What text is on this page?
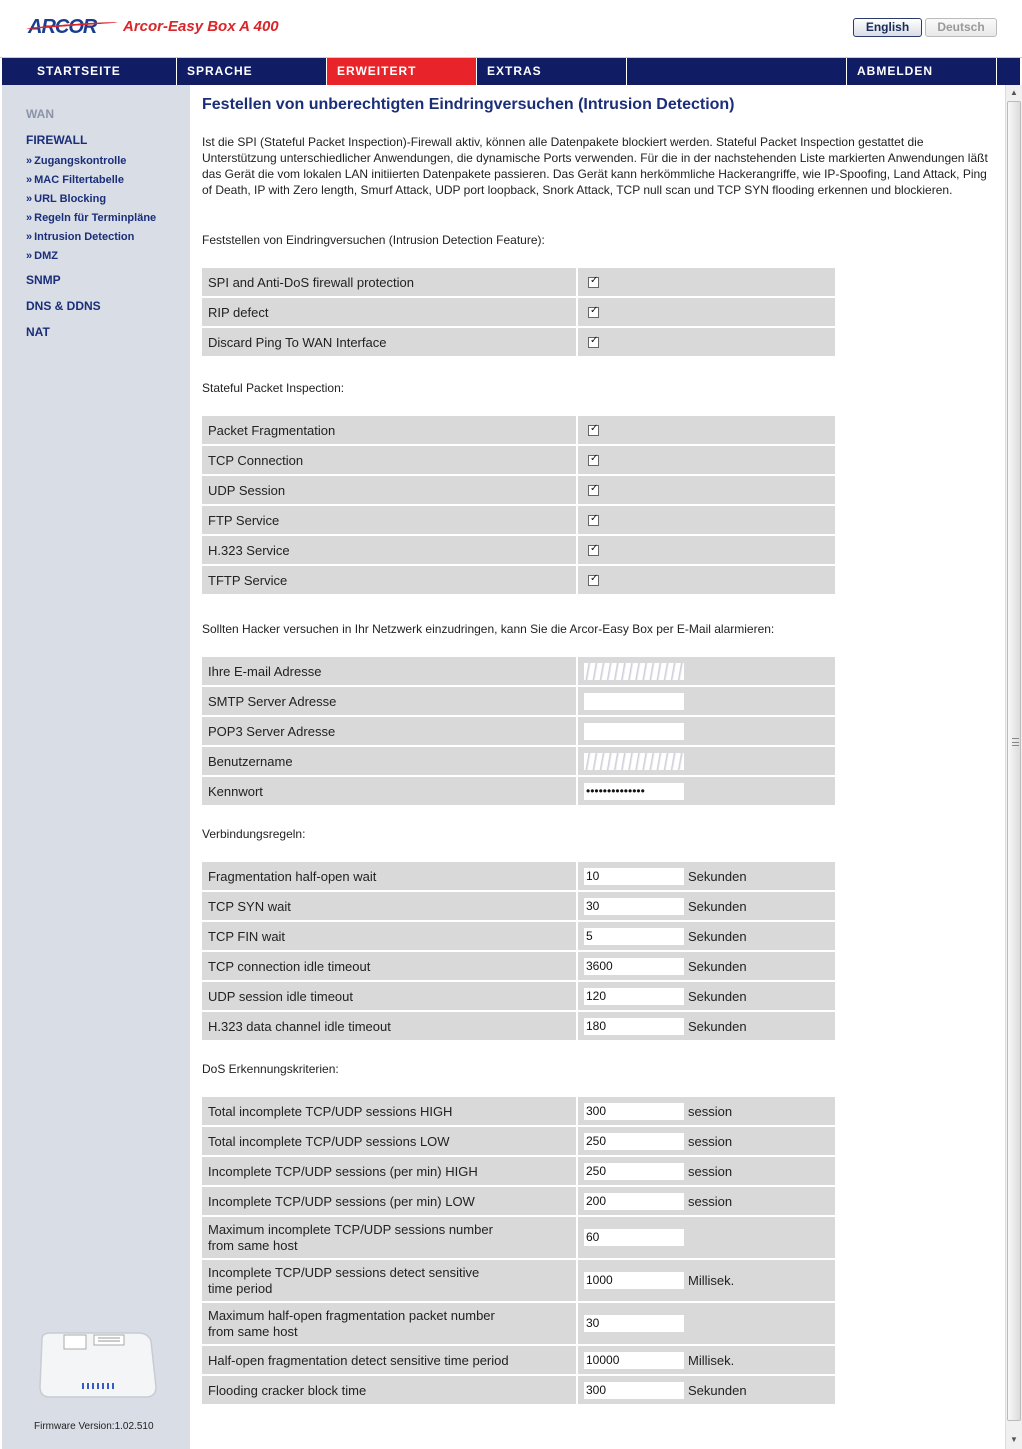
ARCOR Arcor-Easy Box A 400	English	Deutsch
STARTSEITE	SPRACHE	ERWEITERT	EXTRAS	ABMELDEN
WAN
FIREWALL
» Zugangskontrolle
» MAC Filtertabelle
» URL Blocking
» Regeln für Terminpläne
» Intrusion Detection
» DMZ
SNMP
DNS & DDNS
NAT
Firmware Version:1.02.510
Festellen von unberechtigten Eindringversuchen (Intrusion Detection)
Ist die SPI (Stateful Packet Inspection)-Firewall aktiv, können alle Datenpakete blockiert werden. Stateful Packet Inspection gestattet die Unterstützung unterschiedlicher Anwendungen, die dynamische Ports verwenden. Für die in der nachstehenden Liste markierten Anwendungen läßt das Gerät die vom lokalen LAN initiierten Datenpakete passieren. Das Gerät kann herkömmliche Hackerangriffe, wie IP-Spoofing, Land Attack, Ping of Death, IP with Zero length, Smurf Attack, UDP port loopback, Snork Attack, TCP null scan und TCP SYN flooding erkennen und blockieren.
Feststellen von Eindringversuchen (Intrusion Detection Feature):
SPI and Anti-DoS firewall protection	✓
RIP defect	✓
Discard Ping To WAN Interface	✓
Stateful Packet Inspection:
Packet Fragmentation	✓
TCP Connection	✓
UDP Session	✓
FTP Service	✓
H.323 Service	✓
TFTP Service	✓
Sollten Hacker versuchen in Ihr Netzwerk einzudringen, kann Sie die Arcor-Easy Box per E-Mail alarmieren:
Ihre E-mail Adresse	
SMTP Server Adresse	
POP3 Server Adresse	
Benutzername	
Kennwort	••••••••••••••
Verbindungsregeln:
Fragmentation half-open wait	10 Sekunden
TCP SYN wait	30 Sekunden
TCP FIN wait	5 Sekunden
TCP connection idle timeout	3600 Sekunden
UDP session idle timeout	120 Sekunden
H.323 data channel idle timeout	180 Sekunden
DoS Erkennungskriterien:
Total incomplete TCP/UDP sessions HIGH	300 session
Total incomplete TCP/UDP sessions LOW	250 session
Incomplete TCP/UDP sessions (per min) HIGH	250 session
Incomplete TCP/UDP sessions (per min) LOW	200 session
Maximum incomplete TCP/UDP sessions number
from same host	60
Incomplete TCP/UDP sessions detect sensitive
time period	1000 Millisek.
Maximum half-open fragmentation packet number
from same host	30
Half-open fragmentation detect sensitive time period	10000 Millisek.
Flooding cracker block time	300 Sekunden
▲
▼
